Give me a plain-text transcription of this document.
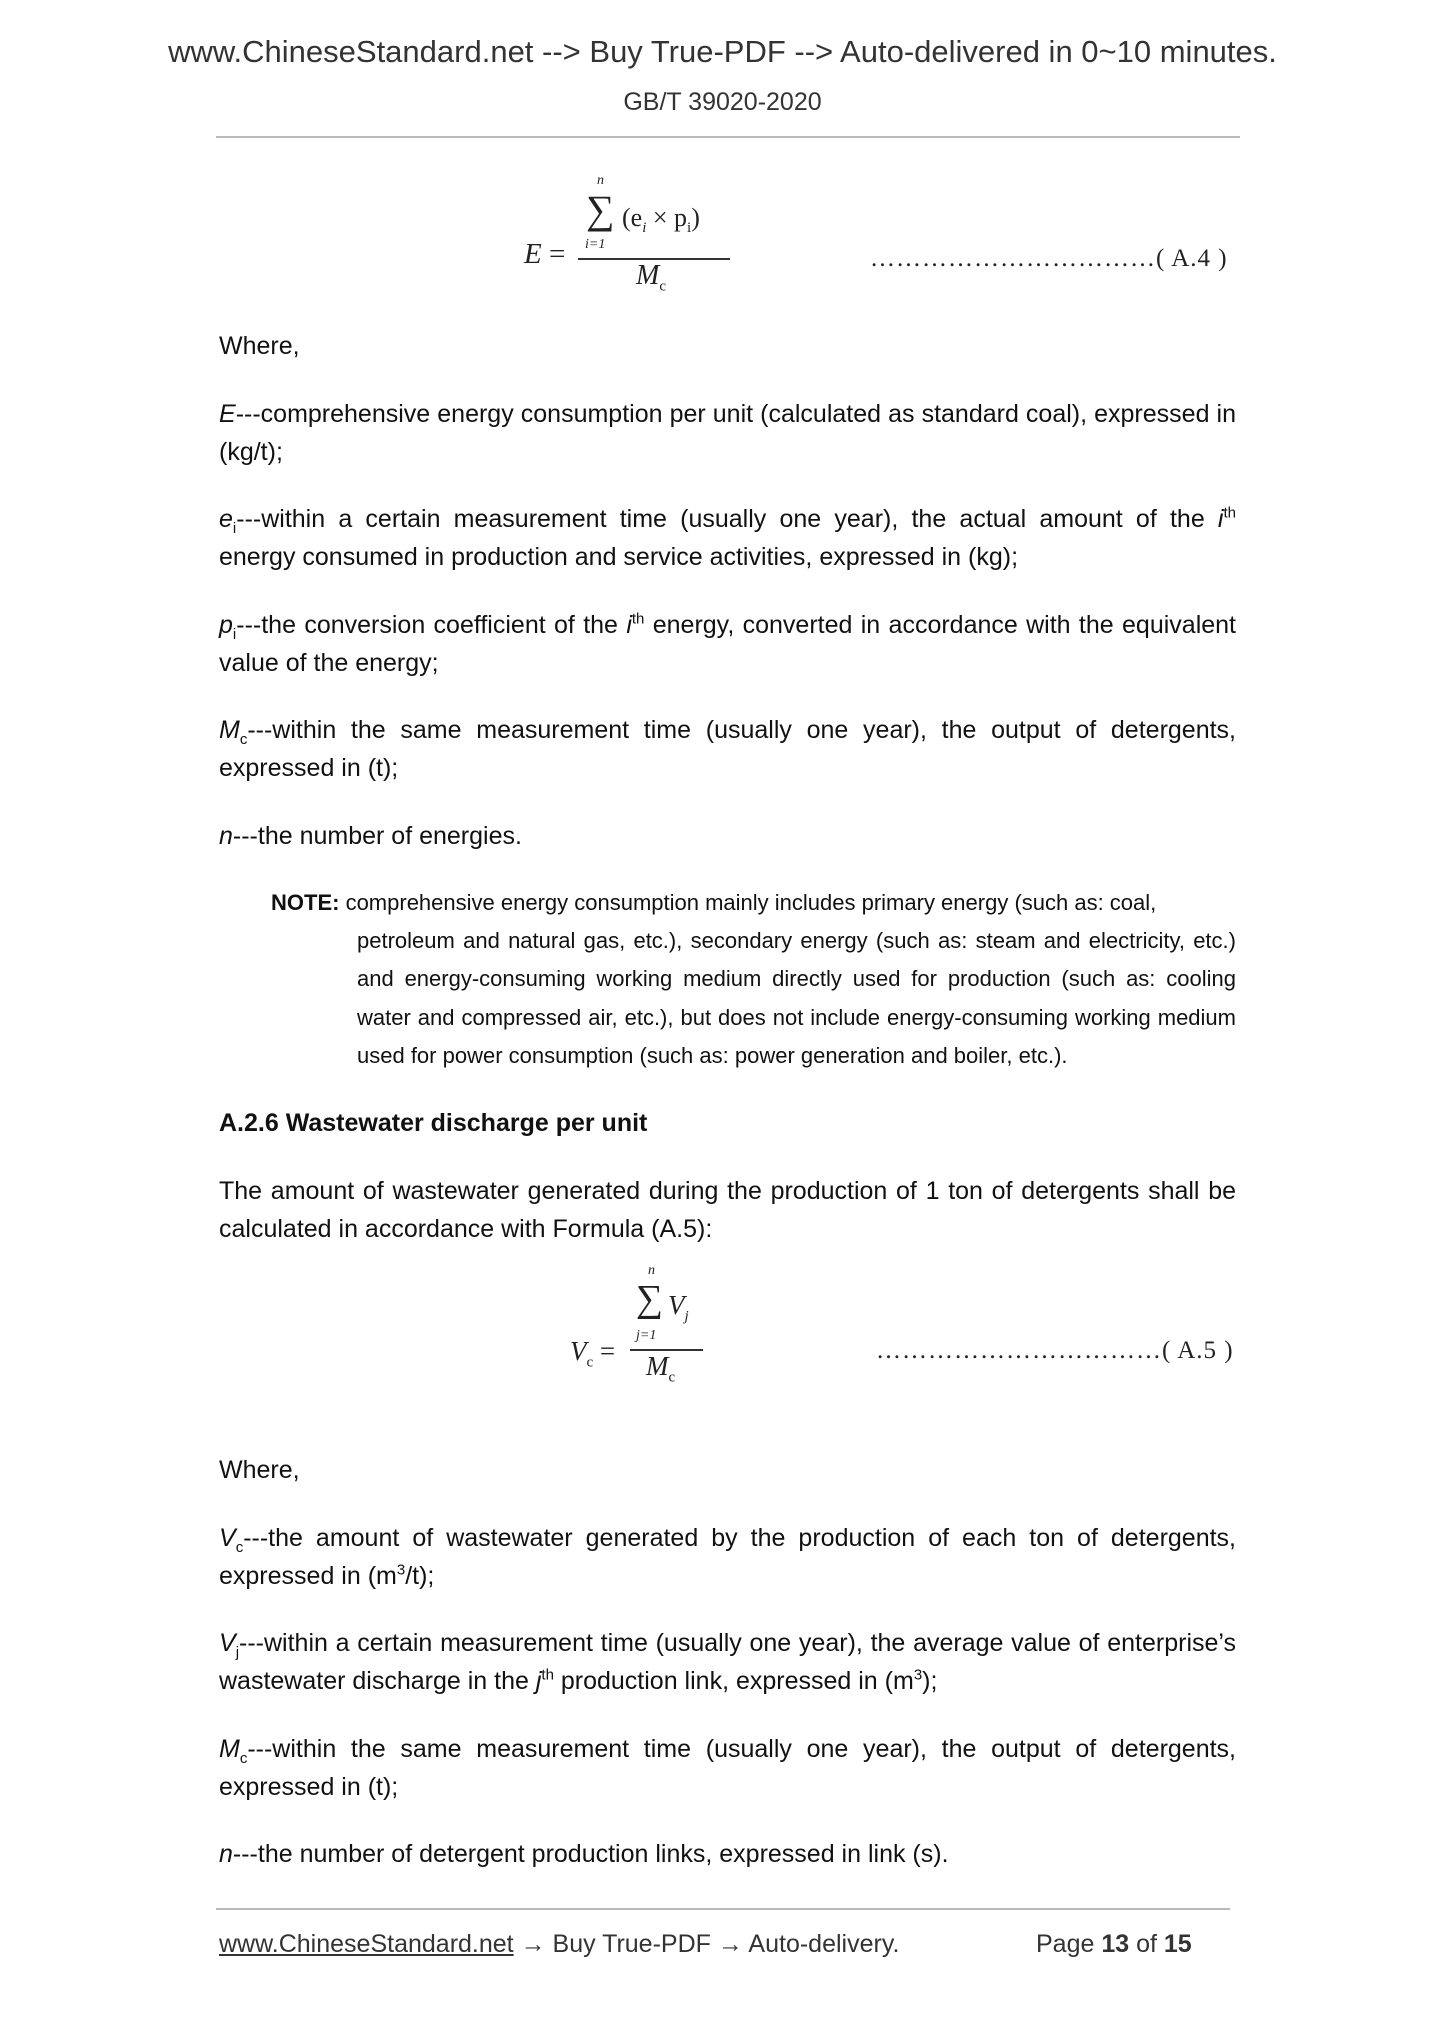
www.ChineseStandard.net --> Buy True-PDF --> Auto-delivered in 0~10 minutes.
GB/T 39020-2020
E =
n
∑ $(e_i \times p_i)$
i=1
$M_c$
……………………………( A.4 )
Where,
E---comprehensive energy consumption per unit (calculated as standard coal), expressed in (kg/t);
$e_i--$-within a certain measurement time (usually one year), the actual amount of the $i^{th}$ energy consumed in production and service activities, expressed in (kg);
$p_i--$-the conversion coefficient of the $i^{th}$ energy, converted in accordance with the equivalent value of the energy;
$M_c--$-within the same measurement time (usually one year), the output of detergents, expressed in (t);
n---the number of energies.
NOTE: comprehensive energy consumption mainly includes primary energy (such as: coal,
petroleum and natural gas, etc.), secondary energy (such as: steam and electricity, etc.) and energy-consuming working medium directly used for production (such as: cooling water and compressed air, etc.), but does not include energy-consuming working medium used for power consumption (such as: power generation and boiler, etc.).
A.2.6 Wastewater discharge per unit
The amount of wastewater generated during the production of 1 ton of detergents shall be calculated in accordance with Formula (A.5):
$V_c$ =
n
∑ $V_j$
j=1
$M_c$
……………………………( A.5 )
Where,
$V_c--$-the amount of wastewater generated by the production of each ton of detergents, expressed in $(m^3/t)$;
$V_j--$-within a certain measurement time (usually one year), the average value of enterprise’s wastewater discharge in the $j^{th}$ production link, expressed in $(m^3)$;
$M_c--$-within the same measurement time (usually one year), the output of detergents, expressed in (t);
n---the number of detergent production links, expressed in link (s).
www.ChineseStandard.net → Buy True-PDF → Auto-delivery.	Page 13 of 15
